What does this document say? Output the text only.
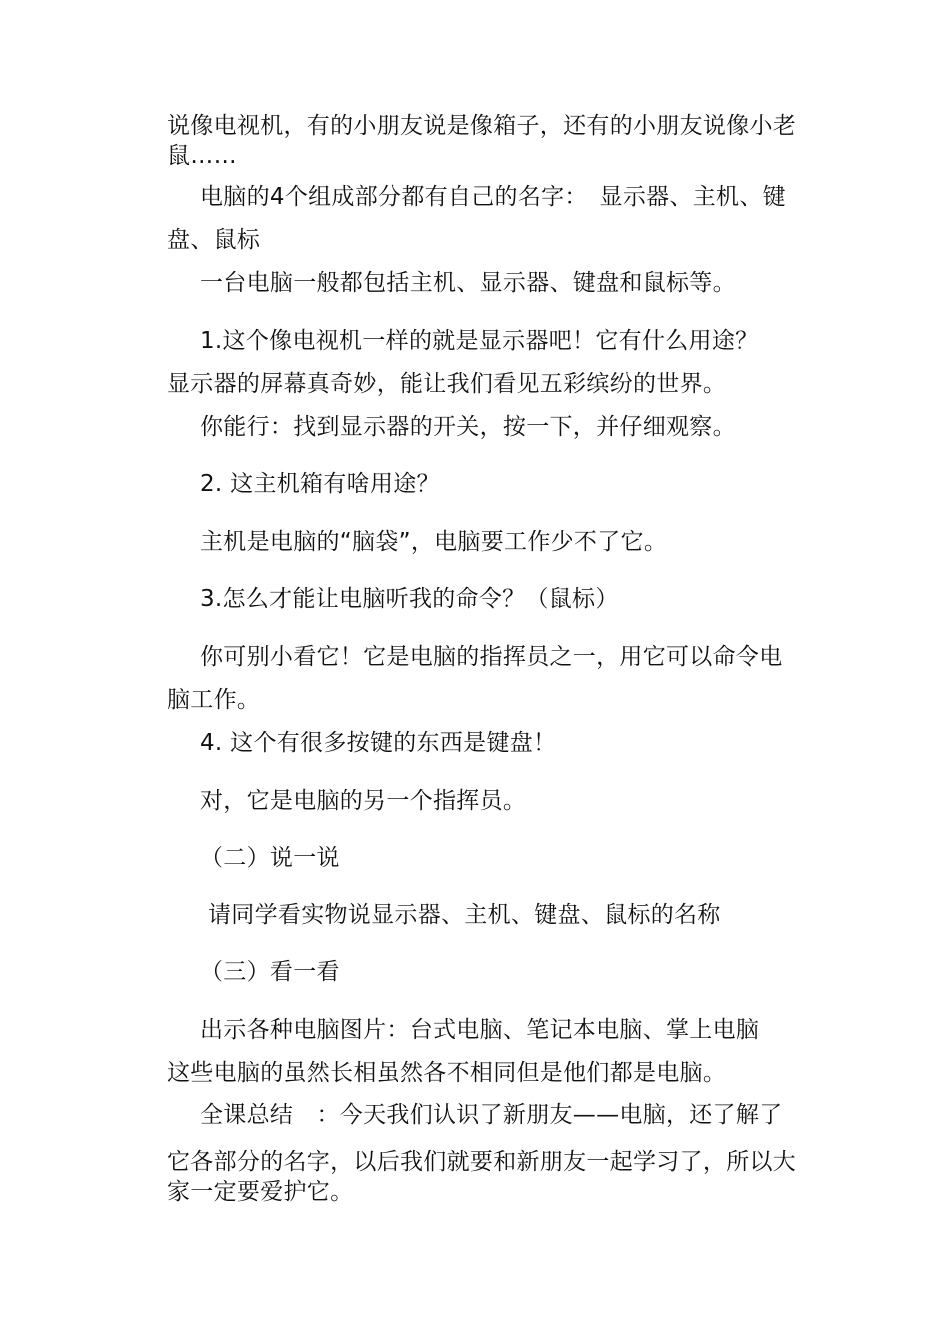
说像电视机，有的小朋友说是像箱子，还有的小朋友说像小老
鼠……
电脑的4个组成部分都有自己的名字：　显示器、主机、键
盘、鼠标
一台电脑一般都包括主机、显示器、键盘和鼠标等。
1.这个像电视机一样的就是显示器吧！它有什么用途？
显示器的屏幕真奇妙，能让我们看见五彩缤纷的世界。
你能行：找到显示器的开关，按一下，并仔细观察。
2. 这主机箱有啥用途？
主机是电脑的“脑袋”，电脑要工作少不了它。
3.怎么才能让电脑听我的命令？（鼠标）
你可别小看它！它是电脑的指挥员之一，用它可以命令电
脑工作。
4. 这个有很多按键的东西是键盘！
对，它是电脑的另一个指挥员。
（二）说一说
请同学看实物说显示器、主机、键盘、鼠标的名称
（三）看一看
出示各种电脑图片：台式电脑、笔记本电脑、掌上电脑
这些电脑的虽然长相虽然各不相同但是他们都是电脑。
全课总结　：今天我们认识了新朋友——电脑，还了解了
它各部分的名字，以后我们就要和新朋友一起学习了，所以大
家一定要爱护它。
